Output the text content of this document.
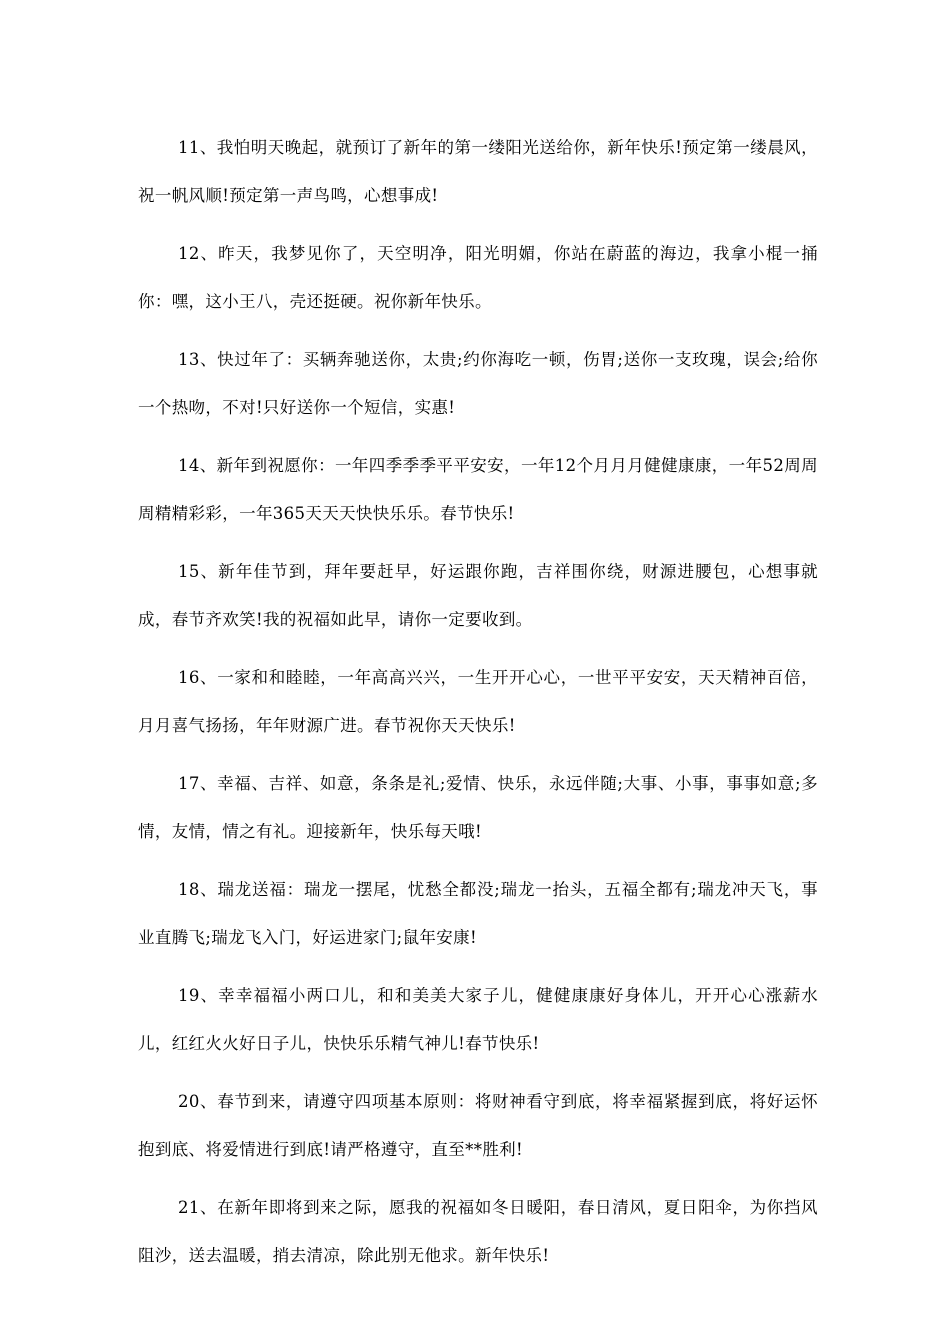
11、我怕明天晚起，就预订了新年的第一缕阳光送给你，新年快乐!预定第一缕晨风，祝一帆风顺!预定第一声鸟鸣，心想事成!

12、昨天，我梦见你了，天空明净，阳光明媚，你站在蔚蓝的海边，我拿小棍一捅你：嘿，这小王八，壳还挺硬。祝你新年快乐。

13、快过年了：买辆奔驰送你，太贵;约你海吃一顿，伤胃;送你一支玫瑰，误会;给你一个热吻，不对!只好送你一个短信，实惠!

14、新年到祝愿你：一年四季季季平平安安，一年12个月月月健健康康，一年52周周周精精彩彩，一年365天天天快快乐乐。春节快乐!

15、新年佳节到，拜年要赶早，好运跟你跑，吉祥围你绕，财源进腰包，心想事就成，春节齐欢笑!我的祝福如此早，请你一定要收到。

16、一家和和睦睦，一年高高兴兴，一生开开心心，一世平平安安，天天精神百倍，月月喜气扬扬，年年财源广进。春节祝你天天快乐!

17、幸福、吉祥、如意，条条是礼;爱情、快乐，永远伴随;大事、小事，事事如意;多情，友情，情之有礼。迎接新年，快乐每天哦!

18、瑞龙送福：瑞龙一摆尾，忧愁全都没;瑞龙一抬头，五福全都有;瑞龙冲天飞，事业直腾飞;瑞龙飞入门，好运进家门;鼠年安康!

19、幸幸福福小两口儿，和和美美大家子儿，健健康康好身体儿，开开心心涨薪水儿，红红火火好日子儿，快快乐乐精气神儿!春节快乐!

20、春节到来，请遵守四项基本原则：将财神看守到底，将幸福紧握到底，将好运怀抱到底、将爱情进行到底!请严格遵守，直至**胜利!

21、在新年即将到来之际，愿我的祝福如冬日暖阳，春日清风，夏日阳伞，为你挡风阻沙，送去温暖，捎去清凉，除此别无他求。新年快乐!
